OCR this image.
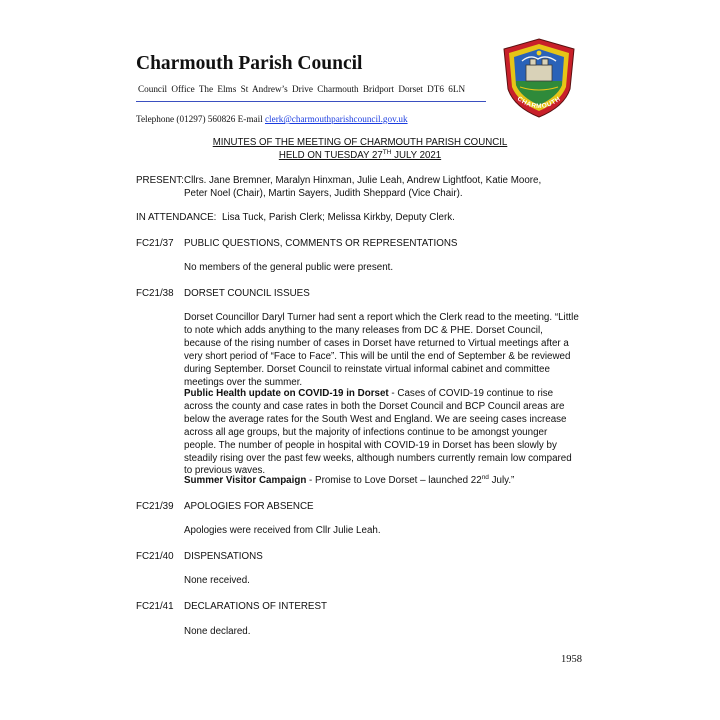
Charmouth Parish Council
Council Office The Elms St Andrew’s Drive Charmouth Bridport Dorset DT6 6LN
Telephone (01297) 560826 E-mail clerk@charmouthparishcouncil.gov.uk
CHARMOUTH
MINUTES OF THE MEETING OF CHARMOUTH PARISH COUNCIL
HELD ON TUESDAY 27TH JULY 2021
PRESENT: Cllrs. Jane Bremner, Maralyn Hinxman, Julie Leah, Andrew Lightfoot, Katie Moore,
Peter Noel (Chair), Martin Sayers, Judith Sheppard (Vice Chair).
IN ATTENDANCE: Lisa Tuck, Parish Clerk; Melissa Kirkby, Deputy Clerk.
FC21/37 PUBLIC QUESTIONS, COMMENTS OR REPRESENTATIONS
No members of the general public were present.
FC21/38 DORSET COUNCIL ISSUES
Dorset Councillor Daryl Turner had sent a report which the Clerk read to the meeting. “Little to note which adds anything to the many releases from DC & PHE. Dorset Council, because of the rising number of cases in Dorset have returned to Virtual meetings after a very short period of “Face to Face”. This will be until the end of September & be reviewed during September. Dorset Council to reinstate virtual informal cabinet and committee meetings over the summer.
Public Health update on COVID-19 in Dorset - Cases of COVID-19 continue to rise across the county and case rates in both the Dorset Council and BCP Council areas are below the average rates for the South West and England. We are seeing cases increase across all age groups, but the majority of infections continue to be amongst younger people. The number of people in hospital with COVID-19 in Dorset has been slowly by steadily rising over the past few weeks, although numbers currently remain low compared to previous waves.
Summer Visitor Campaign - Promise to Love Dorset – launched 22nd July.”
FC21/39 APOLOGIES FOR ABSENCE
Apologies were received from Cllr Julie Leah.
FC21/40 DISPENSATIONS
None received.
FC21/41 DECLARATIONS OF INTEREST
None declared.
1958
